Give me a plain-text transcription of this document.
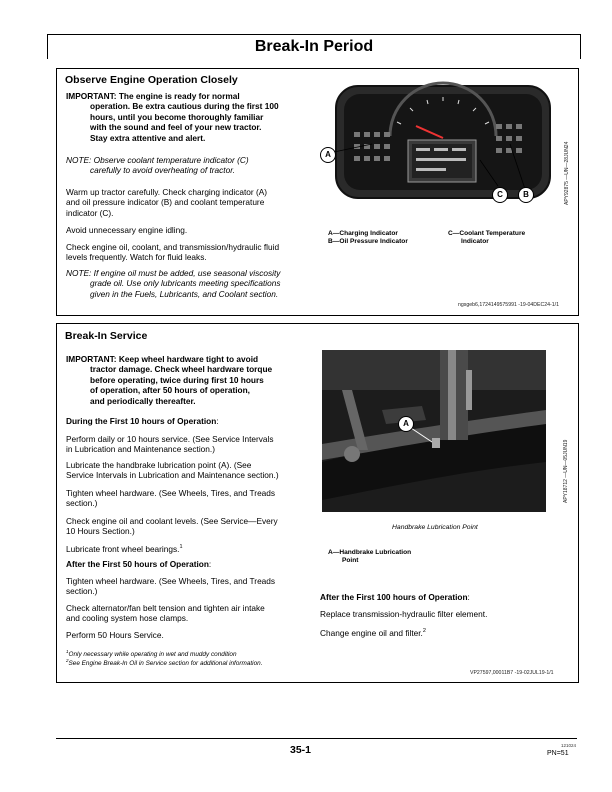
Break-In Period
Observe Engine Operation Closely
IMPORTANT: The engine is ready for normal
operation. Be extra cautious during the first 100
hours, until you become thoroughly familiar
with the sound and feel of your new tractor.
Stay extra attentive and alert.
NOTE: Observe coolant temperature indicator (C)
carefully to avoid overheating of tractor.
Warm up tractor carefully. Check charging indicator (A)
and oil pressure indicator (B) and coolant temperature
indicator (C).
Avoid unnecessary engine idling.
Check engine oil, coolant, and transmission/hydraulic fluid
levels frequently. Watch for fluid leaks.
NOTE: If engine oil must be added, use seasonal viscosity
grade oil. Use only lubricants meeting specifications
given in the Fuels, Lubricants, and Coolant section.
A
B
C	APY92875 —UN—28JUN24
A—Charging Indicator
B—Oil Pressure Indicator
C—Coolant Temperature
Indicator
ngsgeb6,1724149575991 -19-04DEC24-1/1
Break-In Service
IMPORTANT: Keep wheel hardware tight to avoid
tractor damage. Check wheel hardware torque
before operating, twice during first 10 hours
of operation, after 50 hours of operation,
and periodically thereafter.
During the First 10 hours of Operation:
Perform daily or 10 hours service. (See Service Intervals
in Lubrication and Maintenance section.)
Lubricate the handbrake lubrication point (A). (See
Service Intervals in Lubrication and Maintenance section.)
Tighten wheel hardware. (See Wheels, Tires, and Treads
section.)
Check engine oil and coolant levels. (See Service—Every
10 Hours Section.)
Lubricate front wheel bearings.$^1$
After the First 50 hours of Operation:
Tighten wheel hardware. (See Wheels, Tires, and Treads
section.)
Check alternator/fan belt tension and tighten air intake
and cooling system hose clamps.
Perform 50 Hours Service.
$^1$Only necessary while operating in wet and muddy condition
$^2$See Engine Break-In Oil in Service section for additional information.
A
APY18712 —UN—05JUN19
Handbrake Lubrication Point
A—Handbrake Lubrication
Point
After the First 100 hours of Operation:
Replace transmission-hydraulic filter element.
Change engine oil and filter.$^2$
VP27597,00011B7 -19-02JUL19-1/1
35-1	121024
PN=51
